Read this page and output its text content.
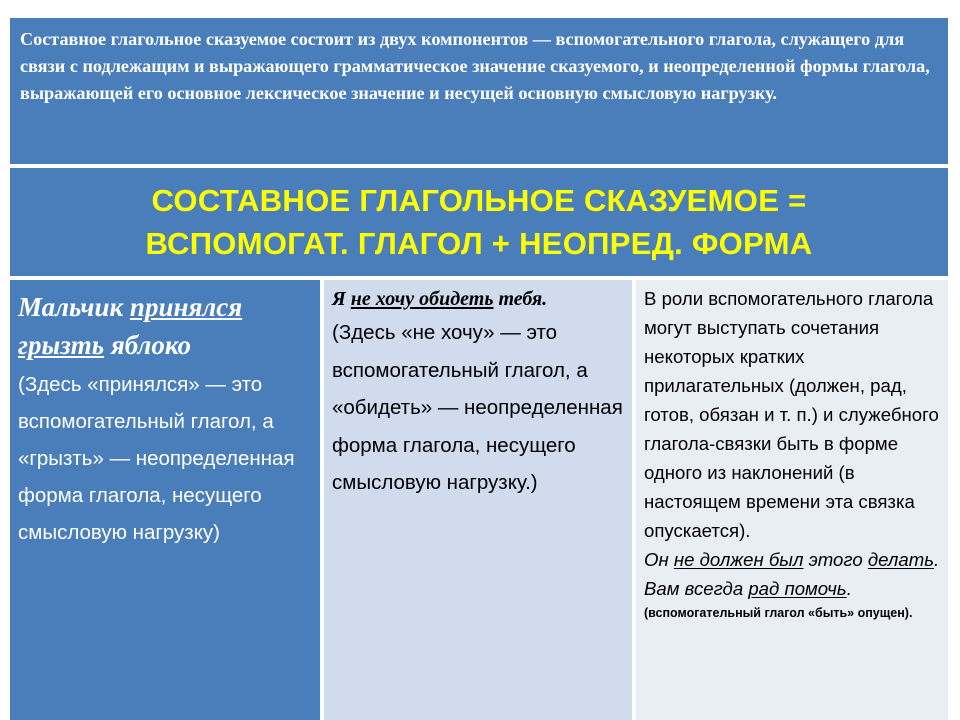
Составное глагольное сказуемое состоит из двух компонентов — вспомогательного глагола, служащего для связи с подлежащим и выражающего грамматическое значение сказуемого, и неопределенной формы глагола, выражающей его основное лексическое значение и несущей основную смысловую нагрузку.
СОСТАВНОЕ ГЛАГОЛЬНОЕ СКАЗУЕМОЕ =
ВСПОМОГАТ. ГЛАГОЛ + НЕОПРЕД. ФОРМА
Мальчик принялся грызть яблоко
(Здесь «принялся» — это вспомогательный глагол, а «грызть» — неопределенная форма глагола, несущего смысловую нагрузку)
Я не хочу обидеть тебя.
(Здесь «не хочу» — это вспомогательный глагол, а «обидеть» — неопределенная форма глагола, несущего смысловую нагрузку.)
В роли вспомогательного глагола могут выступать сочетания некоторых кратких прилагательных (должен, рад, готов, обязан и т. п.) и служебного глагола-связки быть в форме одного из наклонений (в настоящем времени эта связка опускается).
Он не должен был этого делать.
Вам всегда рад помочь.
(вспомогательный глагол «быть» опущен).
